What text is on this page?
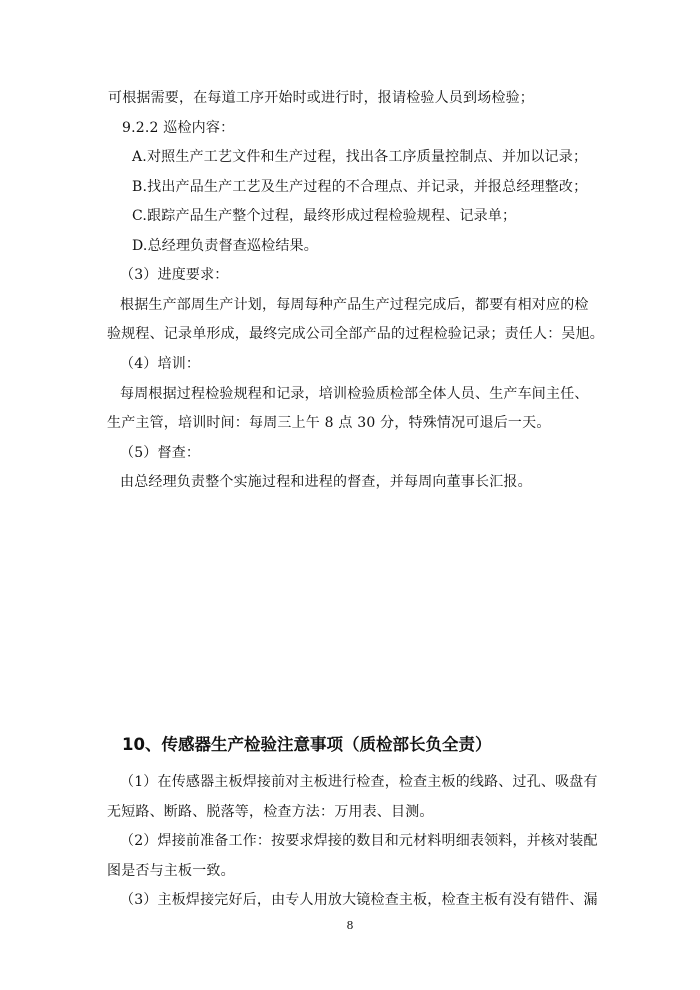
可根据需要，在每道工序开始时或进行时，报请检验人员到场检验；
9.2.2 巡检内容：
A.对照生产工艺文件和生产过程，找出各工序质量控制点、并加以记录；
B.找出产品生产工艺及生产过程的不合理点、并记录，并报总经理整改；
C.跟踪产品生产整个过程，最终形成过程检验规程、记录单；
D.总经理负责督查巡检结果。
（3）进度要求：
根据生产部周生产计划，每周每种产品生产过程完成后，都要有相对应的检
验规程、记录单形成，最终完成公司全部产品的过程检验记录；责任人：吴旭。
（4）培训：
每周根据过程检验规程和记录，培训检验质检部全体人员、生产车间主任、
生产主管，培训时间：每周三上午 8 点 30 分，特殊情况可退后一天。
（5）督查：
由总经理负责整个实施过程和进程的督查，并每周向董事长汇报。
10、传感器生产检验注意事项（质检部长负全责）
（1）在传感器主板焊接前对主板进行检查，检查主板的线路、过孔、吸盘有
无短路、断路、脱落等，检查方法：万用表、目测。
（2）焊接前准备工作：按要求焊接的数目和元材料明细表领料，并核对装配
图是否与主板一致。
（3）主板焊接完好后，由专人用放大镜检查主板，检查主板有没有错件、漏
8
